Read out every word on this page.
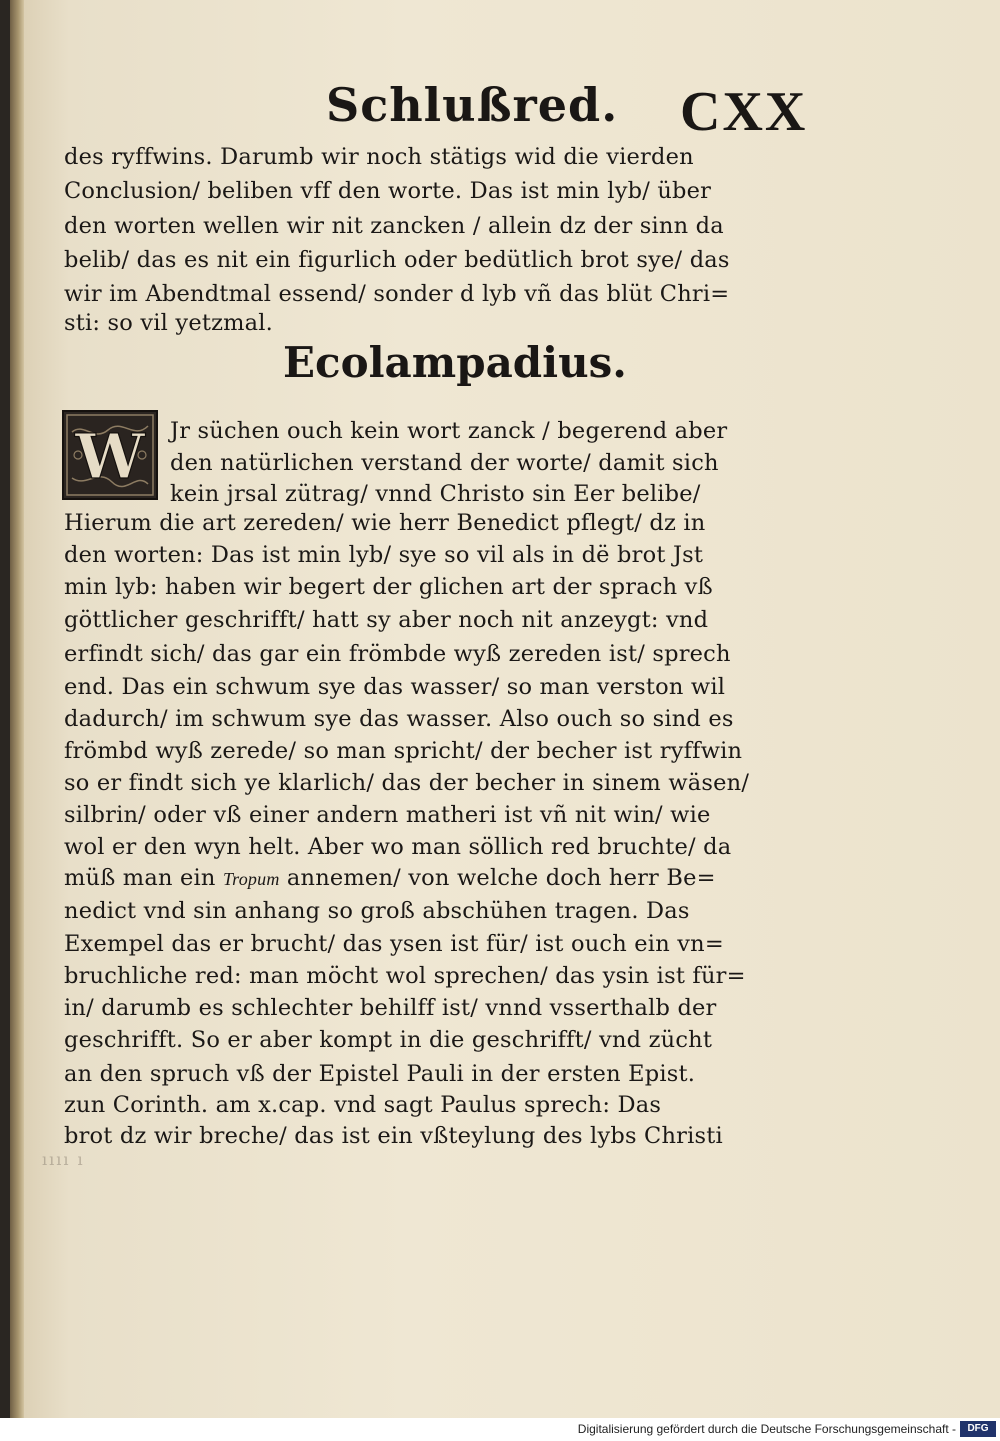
Schlußred. CXX
des ryffwins. Darumb wir noch stätigs wid die vierden
Conclusion/ beliben vff den worte. Das ist min lyb/ über
den worten wellen wir nit zancken / allein dz der sinn da
belib/ das es nit ein figurlich oder bedütlich brot sye/ das
wir im Abendtmal essend/ sonder d lyb vñ das blüt Chri=
sti: so vil yetzmal.
Ecolampadius.
W Jr süchen ouch kein wort zanck / begerend aber
den natürlichen verstand der worte/ damit sich
kein jrsal zütrag/ vnnd Christo sin Eer belibe/
Hierum die art zereden/ wie herr Benedict pflegt/ dz in
den worten: Das ist min lyb/ sye so vil als in dë brot Jst
min lyb: haben wir begert der glichen art der sprach vß
göttlicher geschrifft/ hatt sy aber noch nit anzeygt: vnd
erfindt sich/ das gar ein frömbde wyß zereden ist/ sprech
end. Das ein schwum sye das wasser/ so man verston wil
dadurch/ im schwum sye das wasser. Also ouch so sind es
frömbd wyß zerede/ so man spricht/ der becher ist ryffwin
so er findt sich ye klarlich/ das der becher in sinem wäsen/
silbrin/ oder vß einer andern matheri ist vñ nit win/ wie
wol er den wyn helt. Aber wo man söllich red bruchte/ da
müß man ein Tropum annemen/ von welche doch herr Be=
nedict vnd sin anhang so groß abschühen tragen. Das
Exempel das er brucht/ das ysen ist für/ ist ouch ein vn=
bruchliche red: man möcht wol sprechen/ das ysin ist für=
in/ darumb es schlechter behilff ist/ vnnd vsserthalb der
geschrifft. So er aber kompt in die geschrifft/ vnd zücht
an den spruch vß der Epistel Pauli in der ersten Epist.
zun Corinth. am x.cap. vnd sagt Paulus sprech: Das
brot dz wir breche/ das ist ein vßteylung des lybs Christi
ıııı ı
Digitalisierung gefördert durch die Deutsche Forschungsgemeinschaft -	DFG
